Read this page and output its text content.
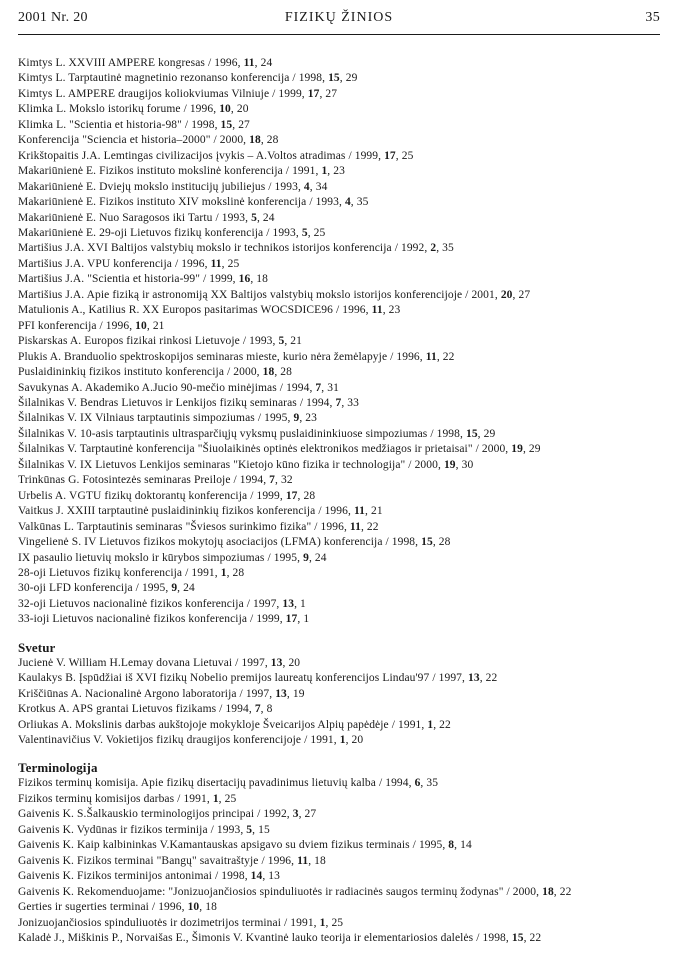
2001 Nr. 20	FIZIKŲ ŽINIOS	35
Kimtys L. XXVIII AMPERE kongresas / 1996, 11, 24
Kimtys L. Tarptautinė magnetinio rezonanso konferencija / 1998, 15, 29
Kimtys L. AMPERE draugijos koliokviumas Vilniuje / 1999, 17, 27
Klimka L. Mokslo istorikų forume / 1996, 10, 20
Klimka L. "Scientia et historia-98" / 1998, 15, 27
Konferencija "Sciencia et historia–2000" / 2000, 18, 28
Krikštopaitis J.A. Lemtingas civilizacijos įvykis – A.Voltos atradimas / 1999, 17, 25
Makariūnienė E. Fizikos instituto mokslinė konferencija / 1991, 1, 23
Makariūnienė E. Dviejų mokslo institucijų jubiliejus / 1993, 4, 34
Makariūnienė E. Fizikos instituto XIV mokslinė konferencija / 1993, 4, 35
Makariūnienė E. Nuo Saragosos iki Tartu / 1993, 5, 24
Makariūnienė E. 29-oji Lietuvos fizikų konferencija / 1993, 5, 25
Martišius J.A. XVI Baltijos valstybių mokslo ir technikos istorijos konferencija / 1992, 2, 35
Martišius J.A. VPU konferencija / 1996, 11, 25
Martišius J.A. "Scientia et historia-99" / 1999, 16, 18
Martišius J.A. Apie fiziką ir astronomiją XX Baltijos valstybių mokslo istorijos konferencijoje / 2001, 20, 27
Matulionis A., Katilius R. XX Europos pasitarimas WOCSDICE96 / 1996, 11, 23
PFI konferencija / 1996, 10, 21
Piskarskas A. Europos fizikai rinkosi Lietuvoje / 1993, 5, 21
Plukis A. Branduolio spektroskopijos seminaras mieste, kurio nėra žemėlapyje / 1996, 11, 22
Puslaidininkių fizikos instituto konferencija / 2000, 18, 28
Savukynas A. Akademiko A.Jucio 90-mečio minėjimas / 1994, 7, 31
Šilalnikas V. Bendras Lietuvos ir Lenkijos fizikų seminaras / 1994, 7, 33
Šilalnikas V. IX Vilniaus tarptautinis simpoziumas / 1995, 9, 23
Šilalnikas V. 10-asis tarptautinis ultrasparčiųjų vyksmų puslaidininkiuose simpoziumas / 1998, 15, 29
Šilalnikas V. Tarptautinė konferencija "Šiuolaikinės optinės elektronikos medžiagos ir prietaisai" / 2000, 19, 29
Šilalnikas V. IX Lietuvos Lenkijos seminaras "Kietojo kūno fizika ir technologija" / 2000, 19, 30
Trinkūnas G. Fotosintezės seminaras Preiloje / 1994, 7, 32
Urbelis A. VGTU fizikų doktorantų konferencija / 1999, 17, 28
Vaitkus J. XXIII tarptautinė puslaidininkių fizikos konferencija / 1996, 11, 21
Valkūnas L. Tarptautinis seminaras "Šviesos surinkimo fizika" / 1996, 11, 22
Vingelienė S. IV Lietuvos fizikos mokytojų asociacijos (LFMA) konferencija / 1998, 15, 28
IX pasaulio lietuvių mokslo ir kūrybos simpoziumas / 1995, 9, 24
28-oji Lietuvos fizikų konferencija / 1991, 1, 28
30-oji LFD konferencija / 1995, 9, 24
32-oji Lietuvos nacionalinė fizikos konferencija / 1997, 13, 1
33-ioji Lietuvos nacionalinė fizikos konferencija / 1999, 17, 1
Svetur
Jucienė V. William H.Lemay dovana Lietuvai / 1997, 13, 20
Kaulakys B. Įspūdžiai iš XVI fizikų Nobelio premijos laureatų konferencijos Lindau'97 / 1997, 13, 22
Kriščiūnas A. Nacionalinė Argono laboratorija / 1997, 13, 19
Krotkus A. APS grantai Lietuvos fizikams / 1994, 7, 8
Orliukas A. Mokslinis darbas aukštojoje mokykloje Šveicarijos Alpių papėdėje / 1991, 1, 22
Valentinavičius V. Vokietijos fizikų draugijos konferencijoje / 1991, 1, 20
Terminologija
Fizikos terminų komisija. Apie fizikų disertacijų pavadinimus lietuvių kalba / 1994, 6, 35
Fizikos terminų komisijos darbas / 1991, 1, 25
Gaivenis K. S.Šalkauskio terminologijos principai / 1992, 3, 27
Gaivenis K. Vydūnas ir fizikos terminija / 1993, 5, 15
Gaivenis K. Kaip kalbininkas V.Kamantauskas apsigavo su dviem fizikus terminais / 1995, 8, 14
Gaivenis K. Fizikos terminai "Bangų" savaitraštyje / 1996, 11, 18
Gaivenis K. Fizikos terminijos antonimai / 1998, 14, 13
Gaivenis K. Rekomenduojame: "Jonizuojančiosios spinduliuotės ir radiacinės saugos terminų žodynas" / 2000, 18, 22
Gerties ir sugerties terminai / 1996, 10, 18
Jonizuojančiosios spinduliuotės ir dozimetrijos terminai / 1991, 1, 25
Kaladė J., Miškinis P., Norvaišas E., Šimonis V. Kvantinė lauko teorija ir elementariosios dalelės / 1998, 15, 22
